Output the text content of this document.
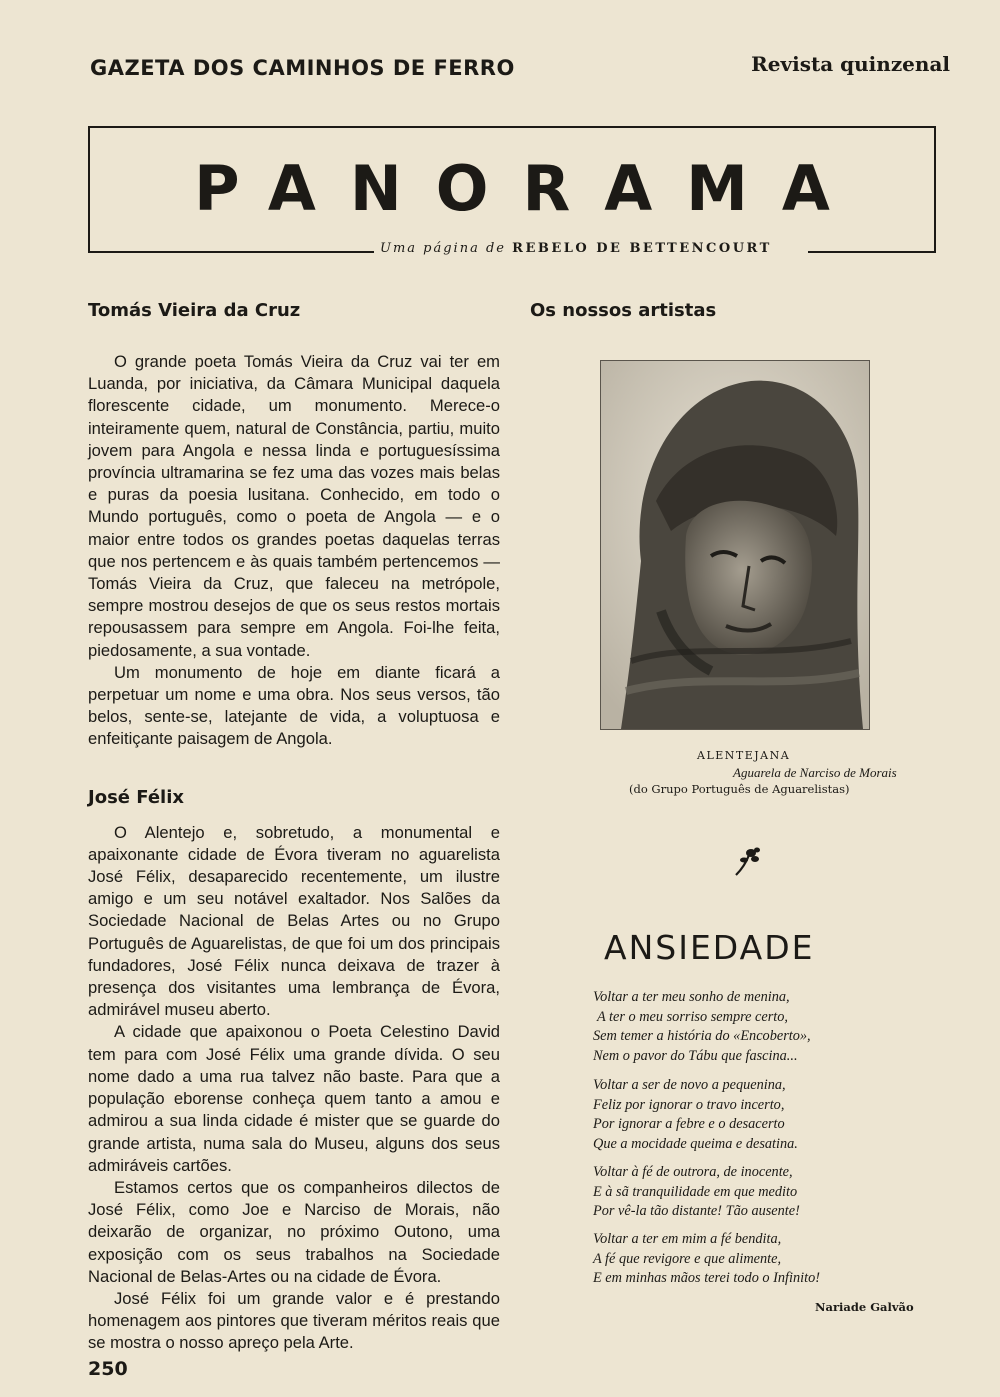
GAZETA DOS CAMINHOS DE FERRO	Revista quinzenal
PANORAMA
Uma página de REBELO DE BETTENCOURT
Tomás Vieira da Cruz

O grande poeta Tomás Vieira da Cruz vai ter em Luanda, por iniciativa, da Câmara Municipal daquela florescente cidade, um monumento. Merece-o inteiramente quem, natural de Constância, partiu, muito jovem para Angola e nessa linda e portuguesíssima província ultramarina se fez uma das vozes mais belas e puras da poesia lusitana. Conhecido, em todo o Mundo português, como o poeta de Angola — e o maior entre todos os grandes poetas daquelas terras que nos pertencem e às quais também pertencemos — Tomás Vieira da Cruz, que faleceu na metrópole, sempre mostrou desejos de que os seus restos mortais repousassem para sempre em Angola. Foi-lhe feita, piedosamente, a sua vontade.

Um monumento de hoje em diante ficará a perpetuar um nome e uma obra. Nos seus versos, tão belos, sente-se, latejante de vida, a voluptuosa e enfeitiçante paisagem de Angola.

José Félix

O Alentejo e, sobretudo, a monumental e apaixonante cidade de Évora tiveram no aguarelista José Félix, desaparecido recentemente, um ilustre amigo e um seu notável exaltador. Nos Salões da Sociedade Nacional de Belas Artes ou no Grupo Português de Aguarelistas, de que foi um dos principais fundadores, José Félix nunca deixava de trazer à presença dos visitantes uma lembrança de Évora, admirável museu aberto.

A cidade que apaixonou o Poeta Celestino David tem para com José Félix uma grande dívida. O seu nome dado a uma rua talvez não baste. Para que a população eborense conheça quem tanto a amou e admirou a sua linda cidade é mister que se guarde do grande artista, numa sala do Museu, alguns dos seus admiráveis cartões.

Estamos certos que os companheiros dilectos de José Félix, como Joe e Narciso de Morais, não deixarão de organizar, no próximo Outono, uma exposição com os seus trabalhos na Sociedade Nacional de Belas-Artes ou na cidade de Évora.

José Félix foi um grande valor e é prestando homenagem aos pintores que tiveram méritos reais que se mostra o nosso apreço pela Arte.

Os nossos artistas
ALENTEJANA
Aguarela de Narciso de Morais
(do Grupo Português de Aguarelistas)
ANSIEDADE
Voltar a ter meu sonho de menina,
A ter o meu sorriso sempre certo,
Sem temer a história do «Encoberto»,
Nem o pavor do Tábu que fascina...
Voltar a ser de novo a pequenina,
Feliz por ignorar o travo incerto,
Por ignorar a febre e o desacerto
Que a mocidade queima e desatina.
Voltar à fé de outrora, de inocente,
E à sã tranquilidade em que medito
Por vê-la tão distante! Tão ausente!
Voltar a ter em mim a fé bendita,
A fé que revigore e que alimente,
E em minhas mãos terei todo o Infinito!
Nariade Galvão
250
